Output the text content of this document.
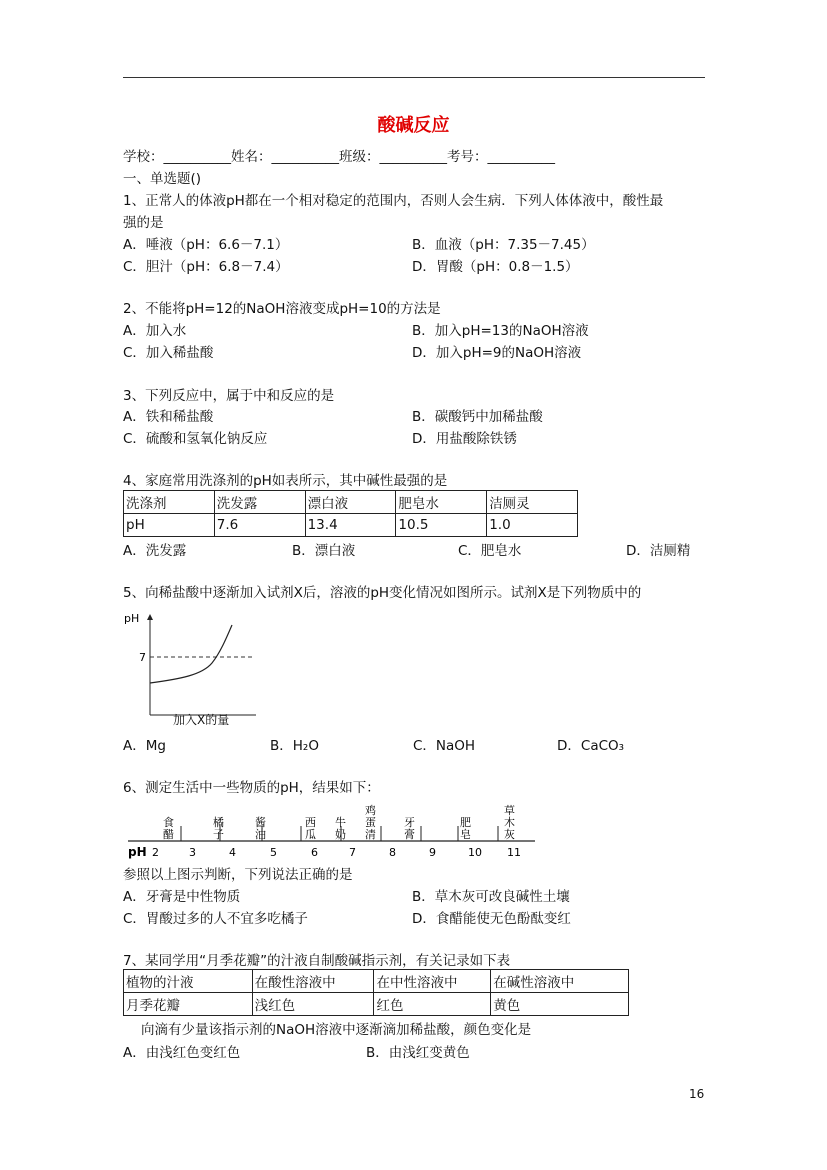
酸碱反应
学校：__________姓名：__________班级：__________考号：__________
一、单选题()
1、正常人的体液pH都在一个相对稳定的范围内，否则人会生病．下列人体体液中，酸性最
强的是
A．唾液（pH：6.6－7.1）	B．血液（pH：7.35－7.45）
C．胆汁（pH：6.8－7.4）	D．胃酸（pH：0.8－1.5）
2、不能将pH=12的NaOH溶液变成pH=10的方法是
A．加入水	B．加入pH=13的NaOH溶液
C．加入稀盐酸	D．加入pH=9的NaOH溶液
3、下列反应中，属于中和反应的是
A．铁和稀盐酸	B．碳酸钙中加稀盐酸
C．硫酸和氢氧化钠反应	D．用盐酸除铁锈
4、家庭常用洗涤剂的pH如表所示，其中碱性最强的是
洗涤剂	洗发露	漂白液	肥皂水	洁厕灵
pH	7.6	13.4	10.5	1.0
A．洗发露	B．漂白液	C．肥皂水	D．洁厕精
5、向稀盐酸中逐渐加入试剂X后，溶液的pH变化情况如图所示。试剂X是下列物质中的
pH
7
加入X的量
A．Mg	B．H₂O	C．NaOH	D．CaCO₃
6、测定生活中一些物质的pH，结果如下：
pH 2	3	4	5	6	7	8	9	10 11
食
醋
橘
子
酱
油
西
瓜
牛
奶
鸡
蛋
清
牙
膏
肥
皂
草
木
灰
参照以上图示判断，下列说法正确的是
A．牙膏是中性物质	B．草木灰可改良碱性土壤
C．胃酸过多的人不宜多吃橘子	D．食醋能使无色酚酞变红
7、某同学用“月季花瓣”的汁液自制酸碱指示剂，有关记录如下表
植物的汁液	在酸性溶液中	在中性溶液中	在碱性溶液中
月季花瓣	浅红色	红色	黄色
向滴有少量该指示剂的NaOH溶液中逐渐滴加稀盐酸，颜色变化是
A．由浅红色变红色	B．由浅红变黄色
16
